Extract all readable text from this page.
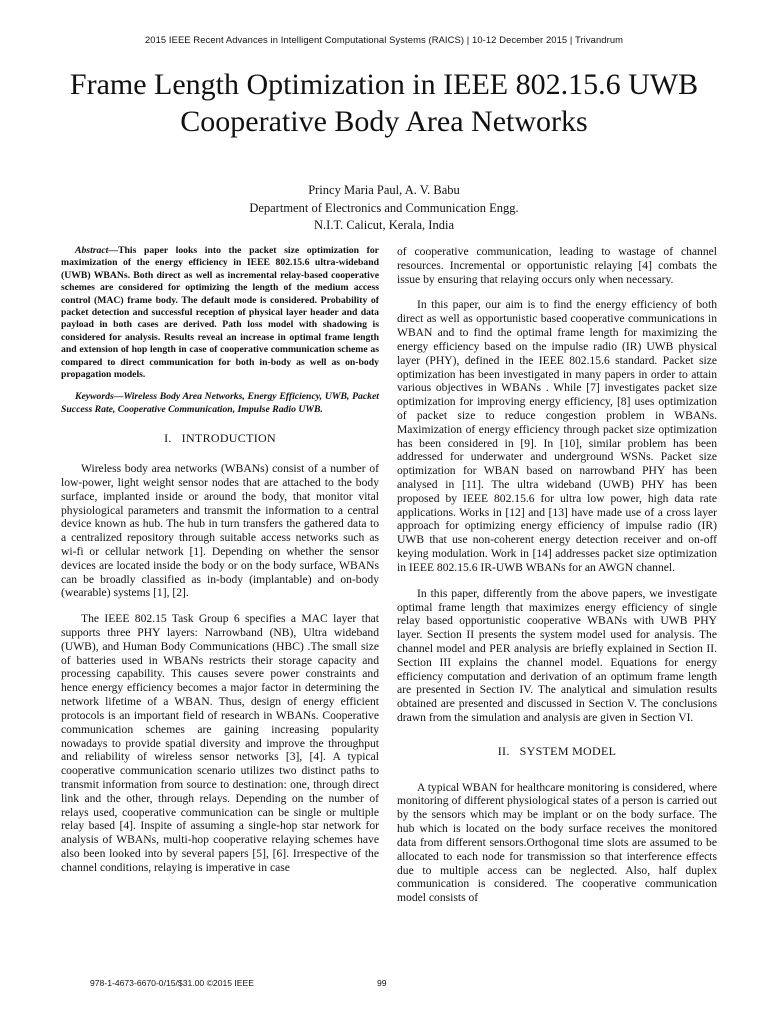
2015 IEEE Recent Advances in Intelligent Computational Systems (RAICS) | 10-12 December 2015 | Trivandrum
Frame Length Optimization in IEEE 802.15.6 UWB Cooperative Body Area Networks
Princy Maria Paul, A. V. Babu
Department of Electronics and Communication Engg.
N.I.T. Calicut, Kerala, India

Abstract—This paper looks into the packet size optimization for maximization of the energy efficiency in IEEE 802.15.6 ultra-wideband (UWB) WBANs. Both direct as well as incremental relay-based cooperative schemes are considered for optimizing the length of the medium access control (MAC) frame body. The default mode is considered. Probability of packet detection and successful reception of physical layer header and data payload in both cases are derived. Path loss model with shadowing is considered for analysis. Results reveal an increase in optimal frame length and extension of hop length in case of cooperative communication scheme as compared to direct communication for both in-body as well as on-body propagation models.

Keywords—Wireless Body Area Networks, Energy Efficiency, UWB, Packet Success Rate, Cooperative Communication, Impulse Radio UWB.

I. INTRODUCTION

Wireless body area networks (WBANs) consist of a number of low-power, light weight sensor nodes that are attached to the body surface, implanted inside or around the body, that monitor vital physiological parameters and transmit the information to a central device known as hub. The hub in turn transfers the gathered data to a centralized repository through suitable access networks such as wi-fi or cellular network [1]. Depending on whether the sensor devices are located inside the body or on the body surface, WBANs can be broadly classified as in-body (implantable) and on-body (wearable) systems [1], [2].

The IEEE 802.15 Task Group 6 specifies a MAC layer that supports three PHY layers: Narrowband (NB), Ultra wideband (UWB), and Human Body Communications (HBC) .The small size of batteries used in WBANs restricts their storage capacity and processing capability. This causes severe power constraints and hence energy efficiency becomes a major factor in determining the network lifetime of a WBAN. Thus, design of energy efficient protocols is an important field of research in WBANs. Cooperative communication schemes are gaining increasing popularity nowadays to provide spatial diversity and improve the throughput and reliability of wireless sensor networks [3], [4]. A typical cooperative communication scenario utilizes two distinct paths to transmit information from source to destination: one, through direct link and the other, through relays. Depending on the number of relays used, cooperative communication can be single or multiple relay based [4]. Inspite of assuming a single-hop star network for analysis of WBANs, multi-hop cooperative relaying schemes have also been looked into by several papers [5], [6]. Irrespective of the channel conditions, relaying is imperative in case

of cooperative communication, leading to wastage of channel resources. Incremental or opportunistic relaying [4] combats the issue by ensuring that relaying occurs only when necessary.

In this paper, our aim is to find the energy efficiency of both direct as well as opportunistic based cooperative communications in WBAN and to find the optimal frame length for maximizing the energy efficiency based on the impulse radio (IR) UWB physical layer (PHY), defined in the IEEE 802.15.6 standard. Packet size optimization has been investigated in many papers in order to attain various objectives in WBANs . While [7] investigates packet size optimization for improving energy efficiency, [8] uses optimization of packet size to reduce congestion problem in WBANs. Maximization of energy efficiency through packet size optimization has been considered in [9]. In [10], similar problem has been addressed for underwater and underground WSNs. Packet size optimization for WBAN based on narrowband PHY has been analysed in [11]. The ultra wideband (UWB) PHY has been proposed by IEEE 802.15.6 for ultra low power, high data rate applications. Works in [12] and [13] have made use of a cross layer approach for optimizing energy efficiency of impulse radio (IR) UWB that use non-coherent energy detection receiver and on-off keying modulation. Work in [14] addresses packet size optimization in IEEE 802.15.6 IR-UWB WBANs for an AWGN channel.

In this paper, differently from the above papers, we investigate optimal frame length that maximizes energy efficiency of single relay based opportunistic cooperative WBANs with UWB PHY layer. Section II presents the system model used for analysis. The channel model and PER analysis are briefly explained in Section II. Section III explains the channel model. Equations for energy efficiency computation and derivation of an optimum frame length are presented in Section IV. The analytical and simulation results obtained are presented and discussed in Section V. The conclusions drawn from the simulation and analysis are given in Section VI.

II. SYSTEM MODEL

A typical WBAN for healthcare monitoring is considered, where monitoring of different physiological states of a person is carried out by the sensors which may be implant or on the body surface. The hub which is located on the body surface receives the monitored data from different sensors.Orthogonal time slots are assumed to be allocated to each node for transmission so that interference effects due to multiple access can be neglected. Also, half duplex communication is considered. The cooperative communication model consists of

978-1-4673-6670-0/15/$31.00 ©2015 IEEE	99
